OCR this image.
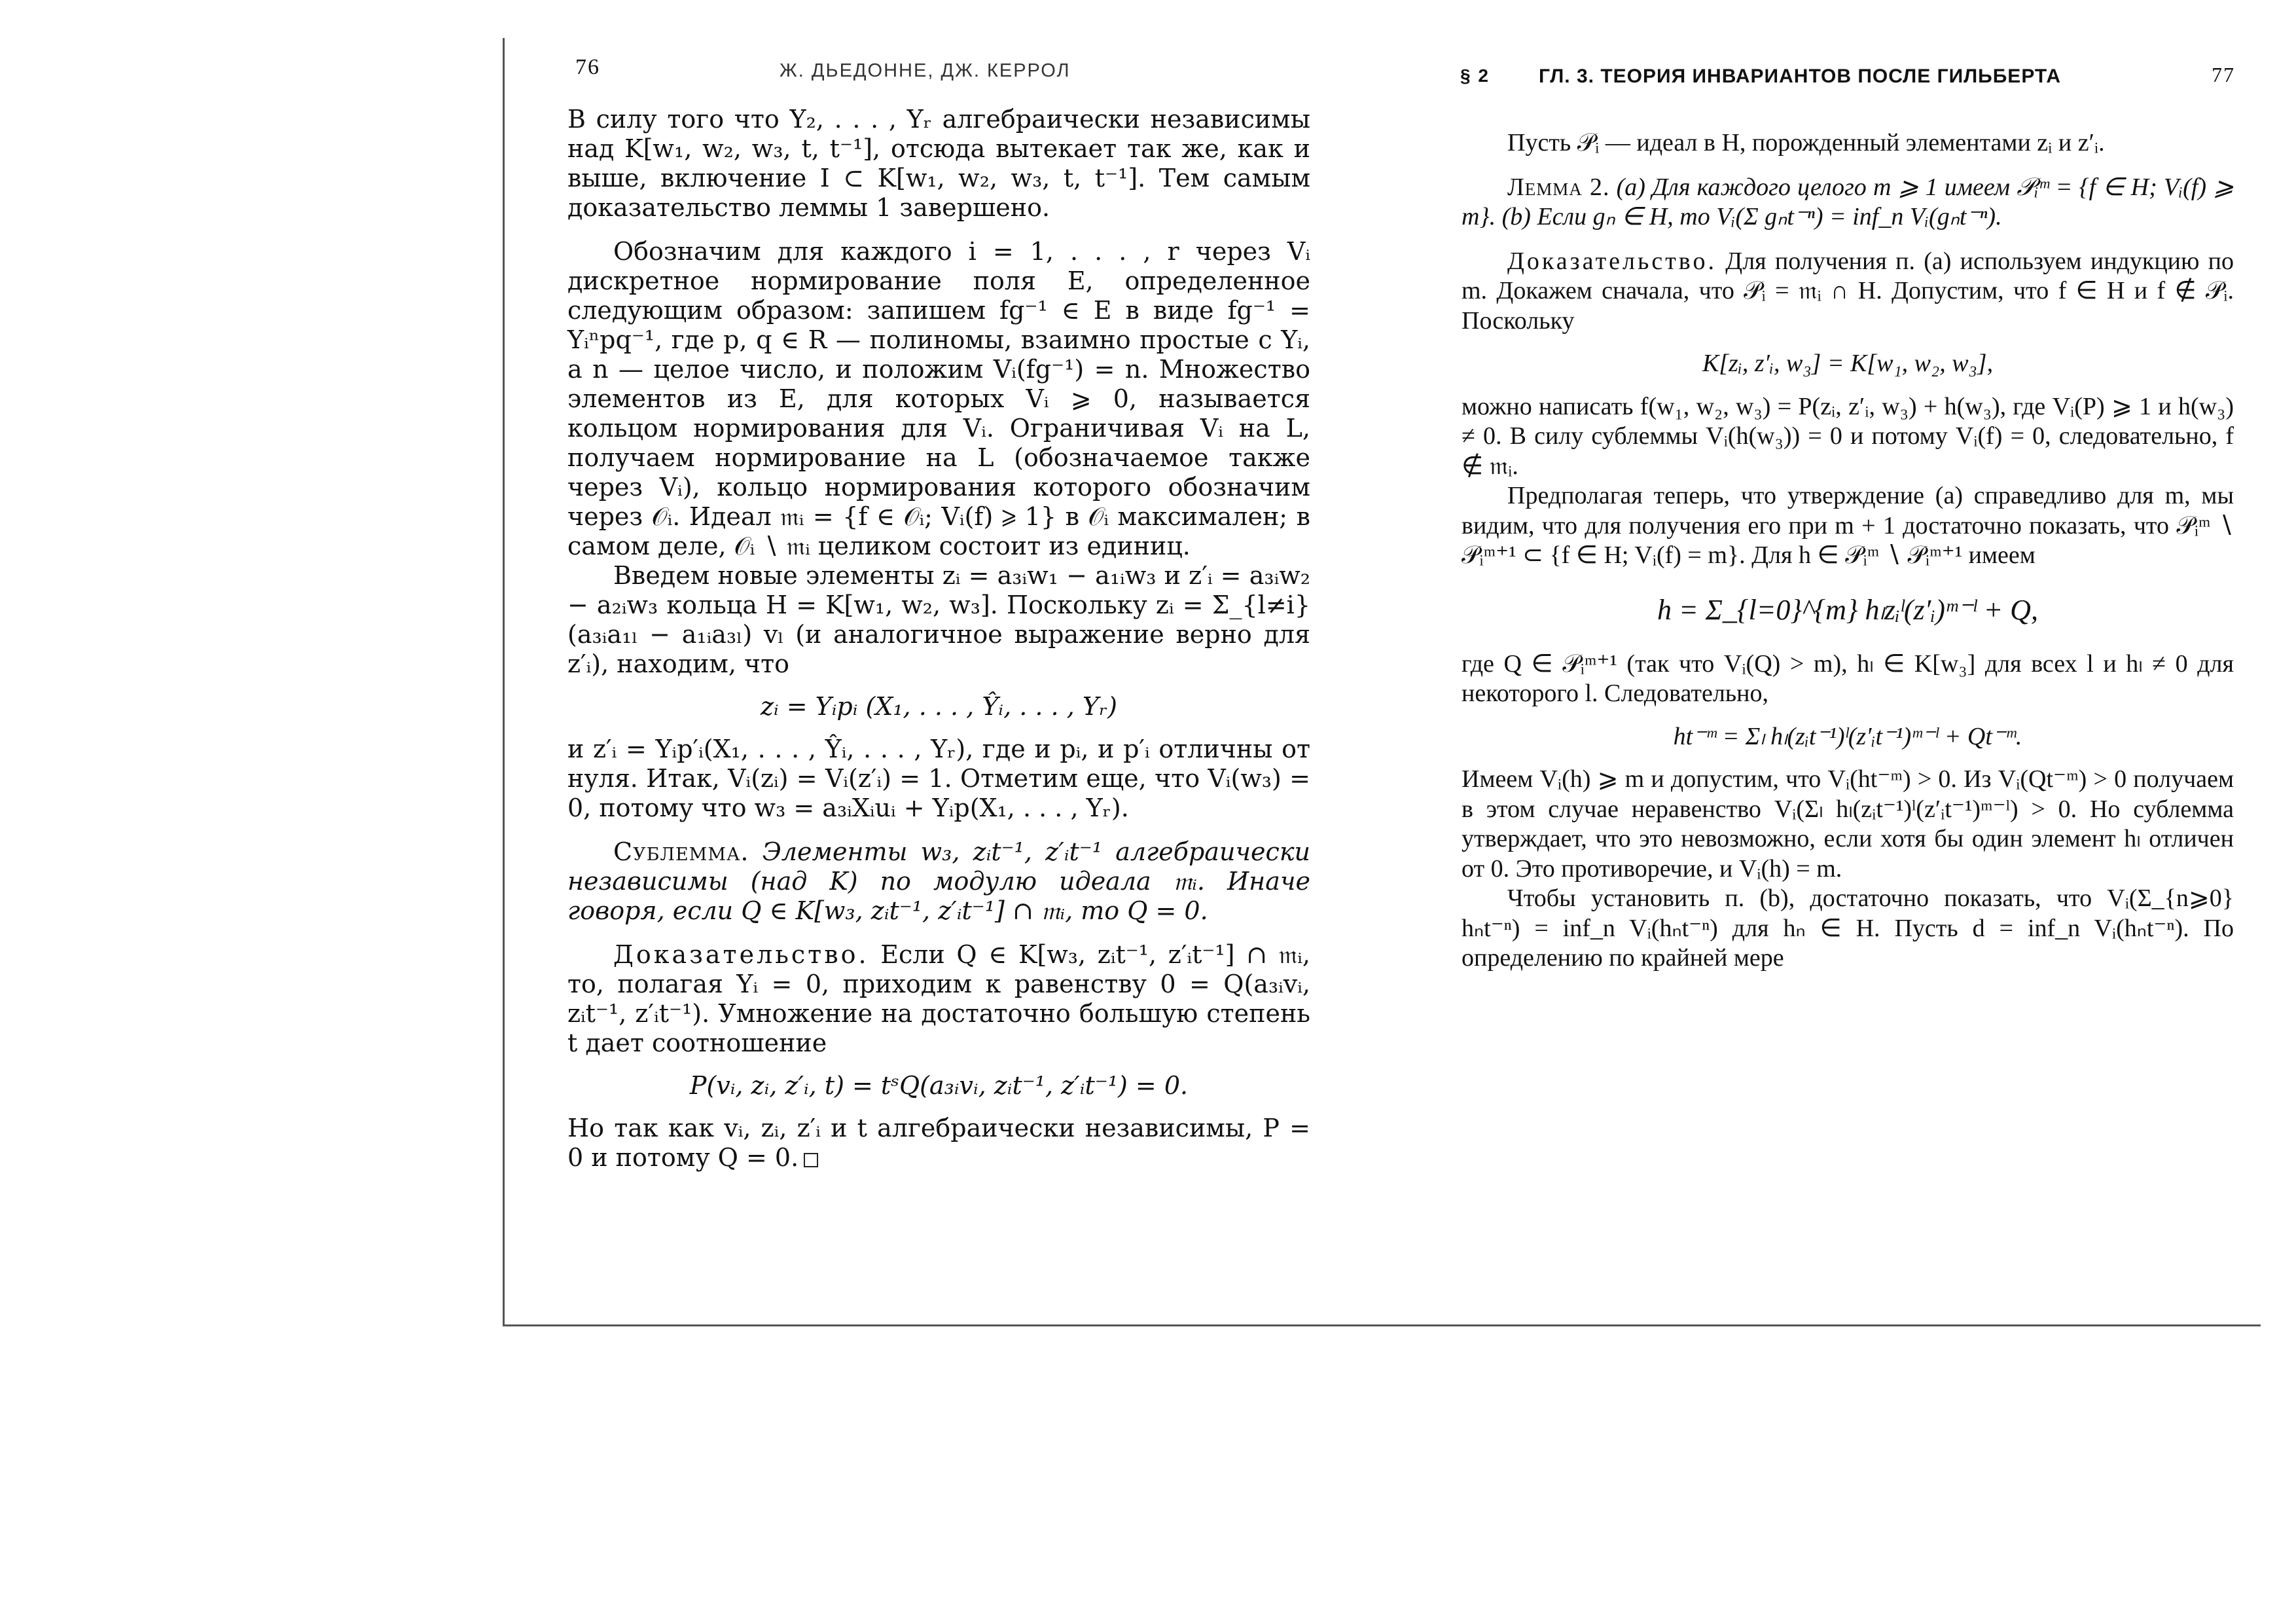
76	Ж. ДЬЕДОННЕ, ДЖ. КЕРРОЛ

В силу того что Y₂, . . . , Yᵣ алгебраически независимы над K[w₁, w₂, w₃, t, t⁻¹], отсюда вытекает так же, как и выше, включение I ⊂ K[w₁, w₂, w₃, t, t⁻¹]. Тем самым доказательство леммы 1 завершено.

Обозначим для каждого i = 1, . . . , r через Vᵢ дискретное нормирование поля E, определенное следующим образом: запишем fg⁻¹ ∈ E в виде fg⁻¹ = Yᵢⁿpq⁻¹, где p, q ∈ R — полиномы, взаимно простые с Yᵢ, а n — целое число, и положим Vᵢ(fg⁻¹) = n. Множество элементов из E, для которых Vᵢ ⩾ 0, называется кольцом нормирования для Vᵢ. Ограничивая Vᵢ на L, получаем нормирование на L (обозначаемое также через Vᵢ), кольцо нормирования которого обозначим через 𝒪ᵢ. Идеал 𝔪ᵢ = {f ∈ 𝒪ᵢ; Vᵢ(f) ⩾ 1} в 𝒪ᵢ максимален; в самом деле, 𝒪ᵢ ∖ 𝔪ᵢ целиком состоит из единиц.

Введем новые элементы zᵢ = a₃ᵢw₁ − a₁ᵢw₃ и z′ᵢ = a₃ᵢw₂ − a₂ᵢw₃ кольца H = K[w₁, w₂, w₃]. Поскольку zᵢ = Σ_{l≠i} (a₃ᵢa₁ₗ − a₁ᵢa₃ₗ) vₗ (и аналогичное выражение верно для z′ᵢ), находим, что

zᵢ = Yᵢpᵢ (X₁, . . . , Ŷᵢ, . . . , Yᵣ)

и z′ᵢ = Yᵢp′ᵢ(X₁, . . . , Ŷᵢ, . . . , Yᵣ), где и pᵢ, и p′ᵢ отличны от нуля. Итак, Vᵢ(zᵢ) = Vᵢ(z′ᵢ) = 1. Отметим еще, что Vᵢ(w₃) = 0, потому что w₃ = a₃ᵢXᵢuᵢ + Yᵢp(X₁, . . . , Yᵣ).

Сублемма. Элементы w₃, zᵢt⁻¹, z′ᵢt⁻¹ алгебраически независимы (над K) по модулю идеала 𝔪ᵢ. Иначе говоря, если Q ∈ K[w₃, zᵢt⁻¹, z′ᵢt⁻¹] ∩ 𝔪ᵢ, то Q = 0.

Доказательство. Если Q ∈ K[w₃, zᵢt⁻¹, z′ᵢt⁻¹] ∩ 𝔪ᵢ, то, полагая Yᵢ = 0, приходим к равенству 0 = Q(a₃ᵢvᵢ, zᵢt⁻¹, z′ᵢt⁻¹). Умножение на достаточно большую степень t дает соотношение

P(vᵢ, zᵢ, z′ᵢ, t) = tˢQ(a₃ᵢvᵢ, zᵢt⁻¹, z′ᵢt⁻¹) = 0.

Но так как vᵢ, zᵢ, z′ᵢ и t алгебраически независимы, P = 0 и потому Q = 0.

§ 2	ГЛ. 3. ТЕОРИЯ ИНВАРИАНТОВ ПОСЛЕ ГИЛЬБЕРТА	77

Пусть 𝒫ᵢ — идеал в H, порожденный элементами zᵢ и z′ᵢ.

Лемма 2. (a) Для каждого целого m ⩾ 1 имеем 𝒫ᵢᵐ = {f ∈ H; Vᵢ(f) ⩾ m}. (b) Если gₙ ∈ H, то Vᵢ(Σ gₙt⁻ⁿ) = inf_n Vᵢ(gₙt⁻ⁿ).

Доказательство. Для получения п. (a) используем индукцию по m. Докажем сначала, что 𝒫ᵢ = 𝔪ᵢ ∩ H. Допустим, что f ∈ H и f ∉ 𝒫ᵢ. Поскольку

K[zᵢ, z′ᵢ, w₃] = K[w₁, w₂, w₃],

можно написать f(w₁, w₂, w₃) = P(zᵢ, z′ᵢ, w₃) + h(w₃), где Vᵢ(P) ⩾ 1 и h(w₃) ≠ 0. В силу сублеммы Vᵢ(h(w₃)) = 0 и потому Vᵢ(f) = 0, следовательно, f ∉ 𝔪ᵢ.

Предполагая теперь, что утверждение (a) справедливо для m, мы видим, что для получения его при m + 1 достаточно показать, что 𝒫ᵢᵐ ∖ 𝒫ᵢᵐ⁺¹ ⊂ {f ∈ H; Vᵢ(f) = m}. Для h ∈ 𝒫ᵢᵐ ∖ 𝒫ᵢᵐ⁺¹ имеем

h = Σ_{l=0}^{m} hₗzᵢˡ(z′ᵢ)ᵐ⁻ˡ + Q,

где Q ∈ 𝒫ᵢᵐ⁺¹ (так что Vᵢ(Q) > m), hₗ ∈ K[w₃] для всех l и hₗ ≠ 0 для некоторого l. Следовательно,

ht⁻ᵐ = Σₗ hₗ(zᵢt⁻¹)ˡ(z′ᵢt⁻¹)ᵐ⁻ˡ + Qt⁻ᵐ.

Имеем Vᵢ(h) ⩾ m и допустим, что Vᵢ(ht⁻ᵐ) > 0. Из Vᵢ(Qt⁻ᵐ) > 0 получаем в этом случае неравенство Vᵢ(Σₗ hₗ(zᵢt⁻¹)ˡ(z′ᵢt⁻¹)ᵐ⁻ˡ) > 0. Но сублемма утверждает, что это невозможно, если хотя бы один элемент hₗ отличен от 0. Это противоречие, и Vᵢ(h) = m.

Чтобы установить п. (b), достаточно показать, что Vᵢ(Σ_{n⩾0} hₙt⁻ⁿ) = inf_n Vᵢ(hₙt⁻ⁿ) для hₙ ∈ H. Пусть d = inf_n Vᵢ(hₙt⁻ⁿ). По определению по крайней мере
